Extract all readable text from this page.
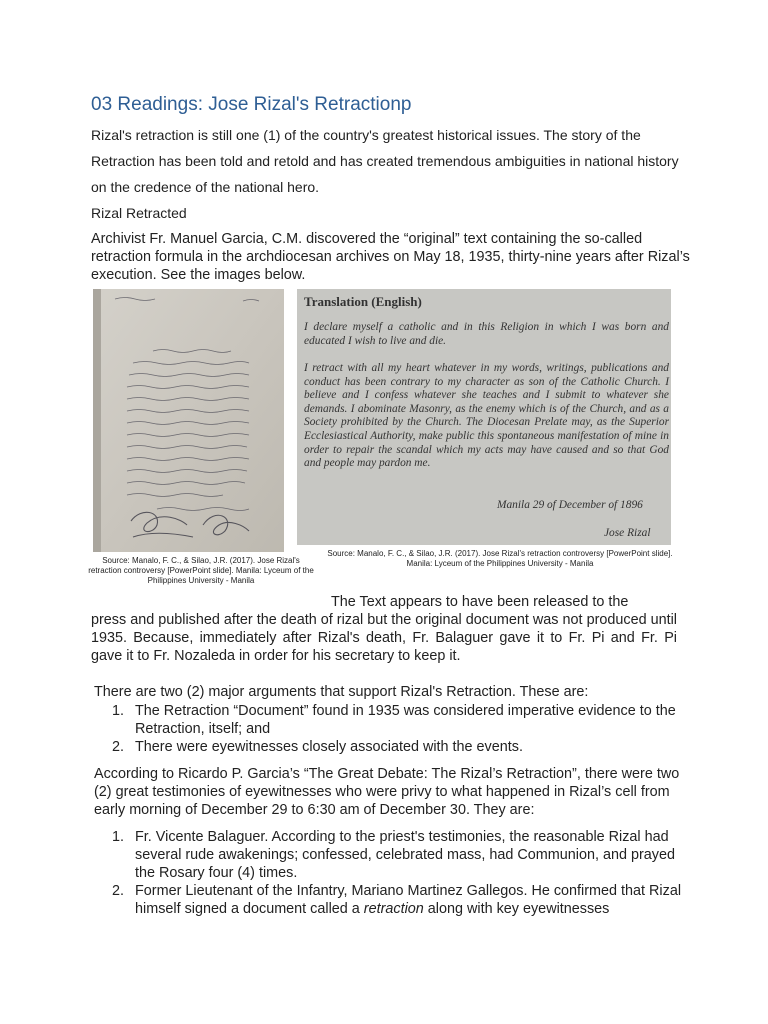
03 Readings: Jose Rizal's Retractionp

Rizal's retraction is still one (1) of the country's greatest historical issues. The story of the Retraction has been told and retold and has created tremendous ambiguities in national history on the credence of the national hero.

Rizal Retracted

Archivist Fr. Manuel Garcia, C.M. discovered the “original” text containing the so-called retraction formula in the archdiocesan archives on May 18, 1935, thirty-nine years after Rizal’s execution. See the images below.

Source: Manalo, F. C., & Silao, J.R. (2017). Jose Rizal's retraction controversy [PowerPoint slide]. Manila: Lyceum of the Philippines University - Manila
Translation (English)

I declare myself a catholic and in this Religion in which I was born and educated I wish to live and die.

I retract with all my heart whatever in my words, writings, publications and conduct has been contrary to my character as son of the Catholic Church. I believe and I confess whatever she teaches and I submit to whatever she demands. I abominate Masonry, as the enemy which is of the Church, and as a Society prohibited by the Church. The Diocesan Prelate may, as the Superior Ecclesiastical Authority, make public this spontaneous manifestation of mine in order to repair the scandal which my acts may have caused and so that God and people may pardon me.

Manila 29 of December of 1896
Jose Rizal
Source: Manalo, F. C., & Silao, J.R. (2017). Jose Rizal's retraction controversy [PowerPoint slide]. Manila: Lyceum of the Philippines University - Manila

The Text appears to have been released to the
press and published after the death of rizal but the original document was not produced until 1935. Because, immediately after Rizal's death, Fr. Balaguer gave it to Fr. Pi and Fr. Pi gave it to Fr. Nozaleda in order for his secretary to keep it.

There are two (2) major arguments that support Rizal's Retraction. These are:

1. The Retraction “Document” found in 1935 was considered imperative evidence to the Retraction, itself; and
2. There were eyewitnesses closely associated with the events.

According to Ricardo P. Garcia’s “The Great Debate: The Rizal’s Retraction”, there were two (2) great testimonies of eyewitnesses who were privy to what happened in Rizal’s cell from early morning of December 29 to 6:30 am of December 30. They are:

1. Fr. Vicente Balaguer. According to the priest's testimonies, the reasonable Rizal had several rude awakenings; confessed, celebrated mass, had Communion, and prayed the Rosary four (4) times.
2. Former Lieutenant of the Infantry, Mariano Martinez Gallegos. He confirmed that Rizal himself signed a document called a retraction along with key eyewitnesses
